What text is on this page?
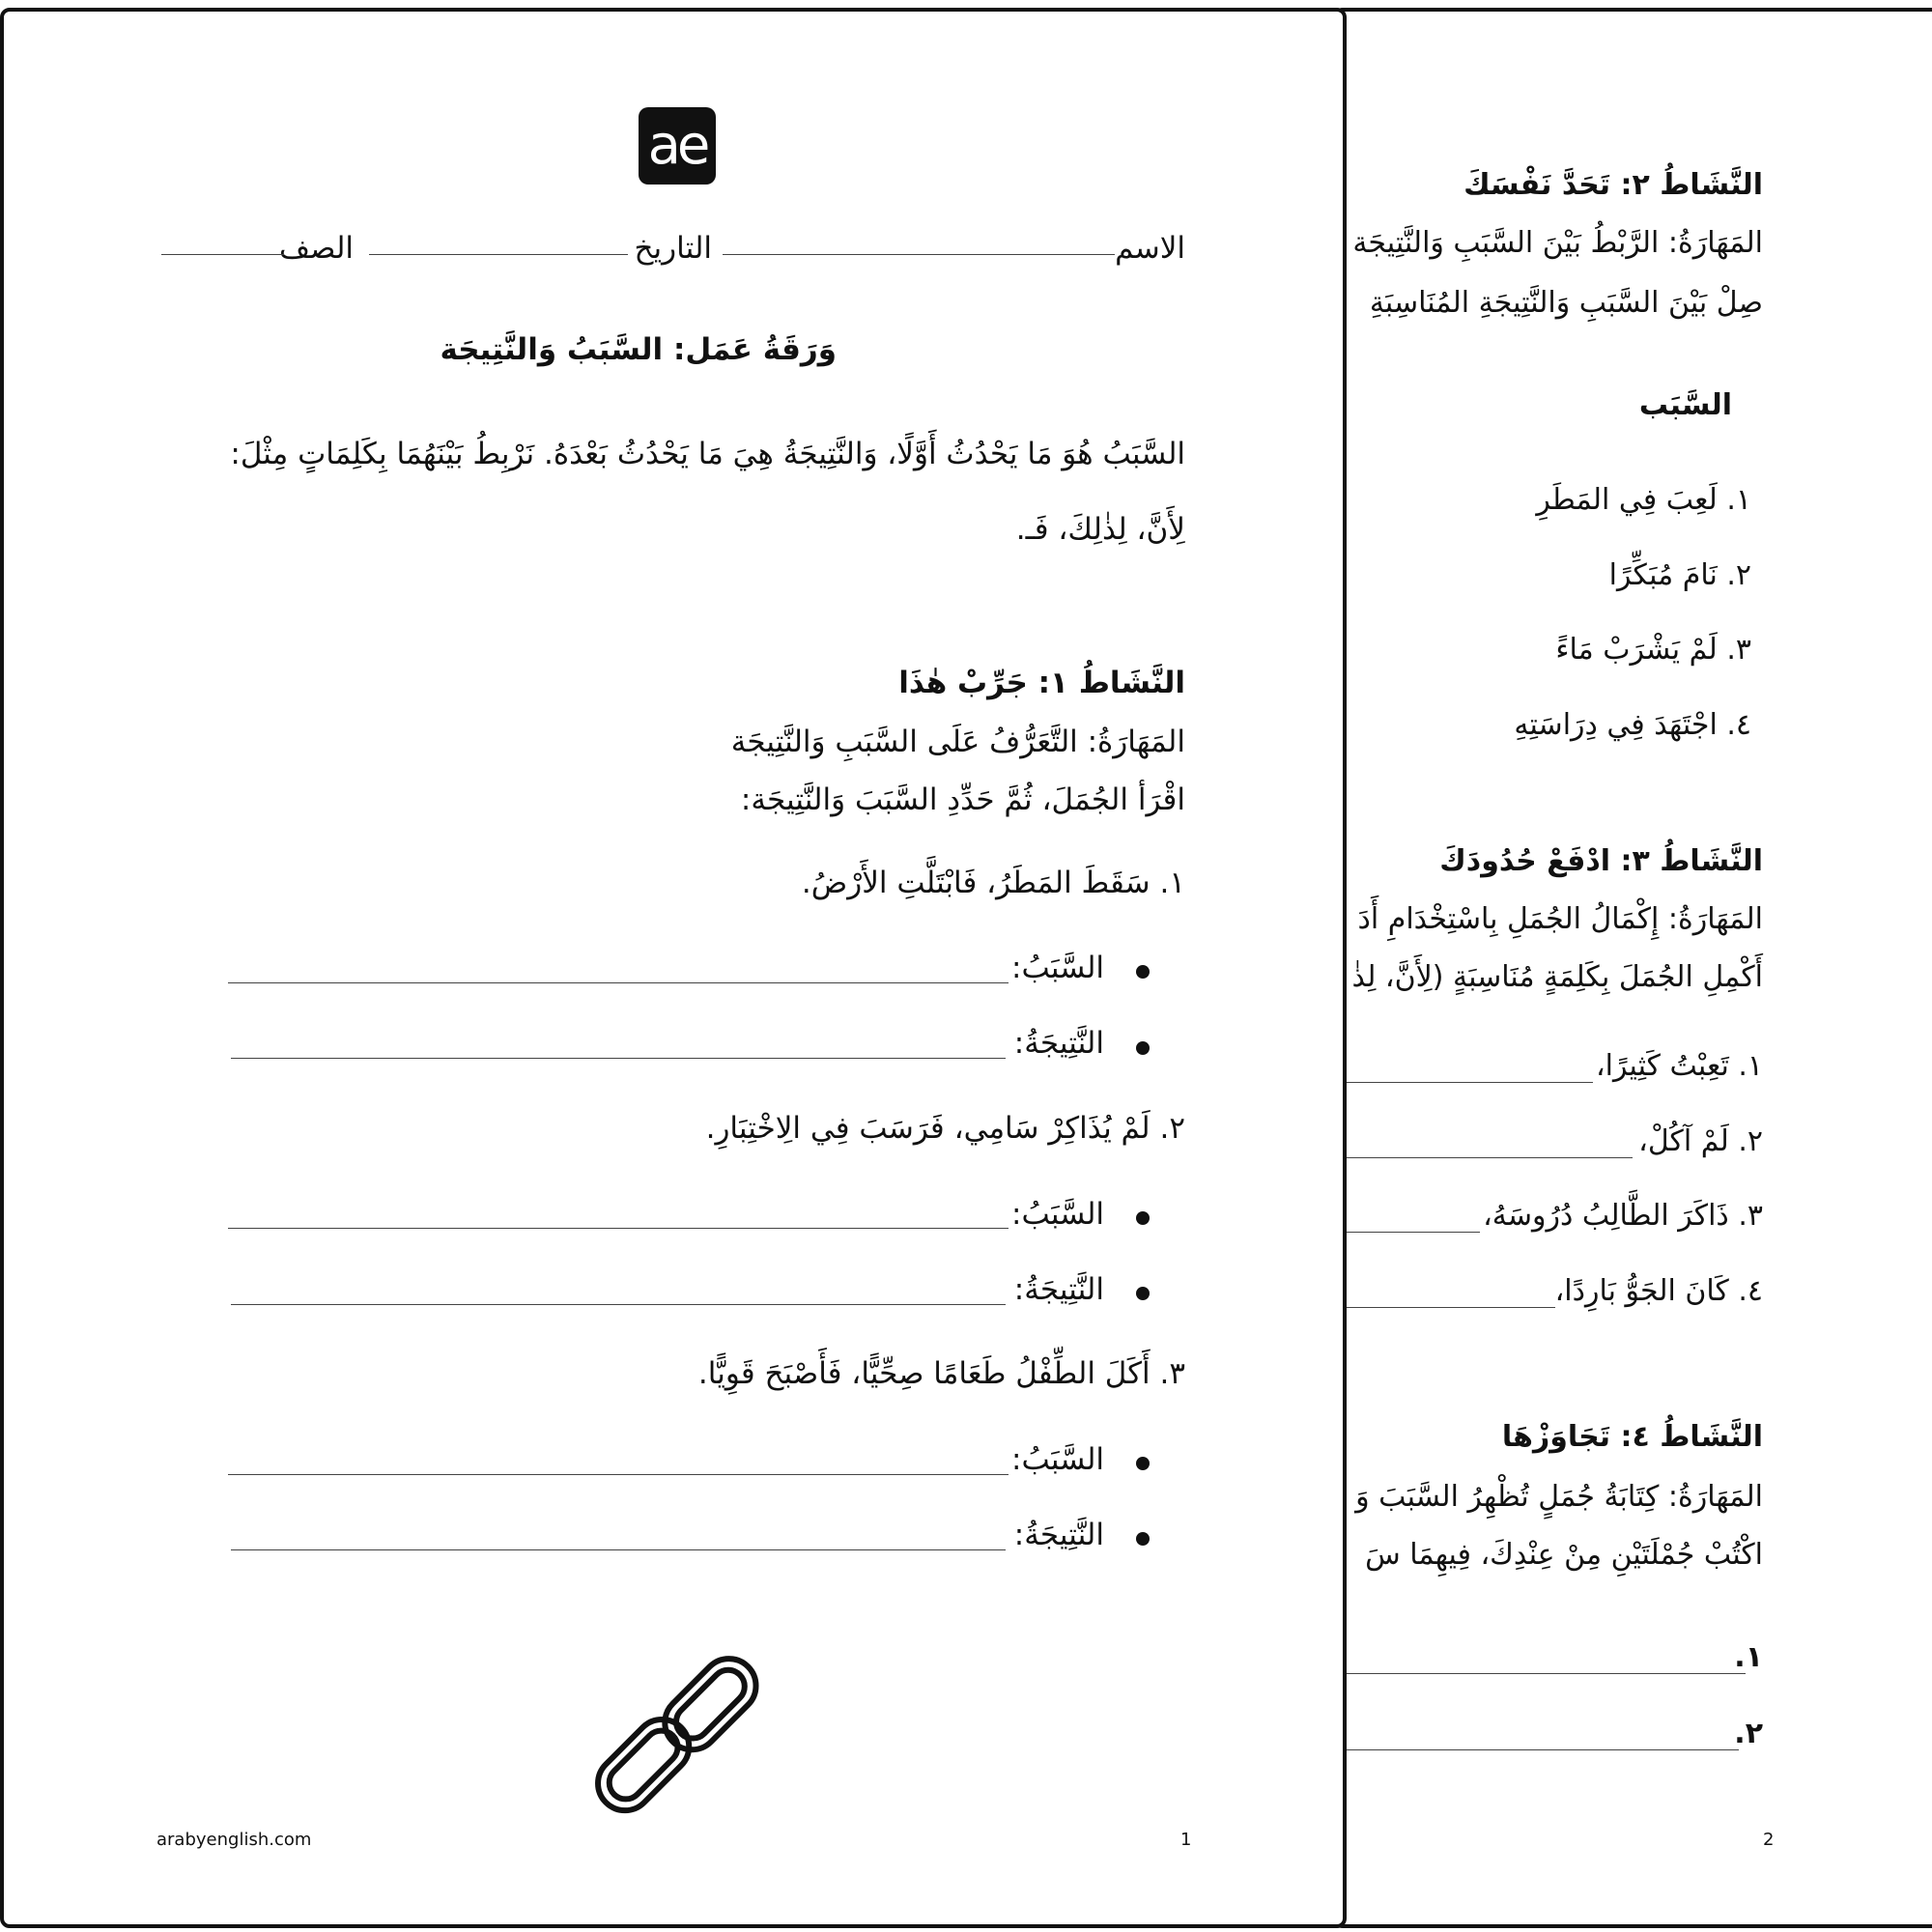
النَّشَاطُ ٢: تَحَدَّ نَفْسَكَ
المَهَارَةُ: الرَّبْطُ بَيْنَ السَّبَبِ وَالنَّتِيجَة
صِلْ بَيْنَ السَّبَبِ وَالنَّتِيجَةِ المُنَاسِبَةِ
السَّبَب
١. لَعِبَ فِي المَطَرِ
٢. نَامَ مُبَكِّرًا
٣. لَمْ يَشْرَبْ مَاءً
٤. اجْتَهَدَ فِي دِرَاسَتِهِ
النَّشَاطُ ٣: ادْفَعْ حُدُودَكَ
المَهَارَةُ: إِكْمَالُ الجُمَلِ بِاسْتِخْدَامِ أَدَ
أَكْمِلِ الجُمَلَ بِكَلِمَةٍ مُنَاسِبَةٍ (لِأَنَّ، لِذٰ
١. تَعِبْتُ كَثِيرًا،
٢. لَمْ آكُلْ،
٣. ذَاكَرَ الطَّالِبُ دُرُوسَهُ،
٤. كَانَ الجَوُّ بَارِدًا،
النَّشَاطُ ٤: تَجَاوَزْهَا
المَهَارَةُ: كِتَابَةُ جُمَلٍ تُظْهِرُ السَّبَبَ وَ
اكْتُبْ جُمْلَتَيْنِ مِنْ عِنْدِكَ، فِيهِمَا سَ
١.
٢.
2
ae
الاسم
التاريخ
الصف
وَرَقَةُ عَمَل: السَّبَبُ وَالنَّتِيجَة
السَّبَبُ هُوَ مَا يَحْدُثُ أَوَّلًا، وَالنَّتِيجَةُ هِيَ مَا يَحْدُثُ بَعْدَهُ. نَرْبِطُ بَيْنَهُمَا بِكَلِمَاتٍ مِثْلَ:
لِأَنَّ، لِذٰلِكَ، فَـ.
النَّشَاطُ ١: جَرِّبْ هٰذَا
المَهَارَةُ: التَّعَرُّفُ عَلَى السَّبَبِ وَالنَّتِيجَة
اقْرَأ الجُمَلَ، ثُمَّ حَدِّدِ السَّبَبَ وَالنَّتِيجَة:
١. سَقَطَ المَطَرُ، فَابْتَلَّتِ الأَرْضُ.
السَّبَبُ:
النَّتِيجَةُ:
٢. لَمْ يُذَاكِرْ سَامِي، فَرَسَبَ فِي الِاخْتِبَارِ.
السَّبَبُ:
النَّتِيجَةُ:
٣. أَكَلَ الطِّفْلُ طَعَامًا صِحِّيًّا، فَأَصْبَحَ قَوِيًّا.
السَّبَبُ:
النَّتِيجَةُ:
arabyenglish.com	1
